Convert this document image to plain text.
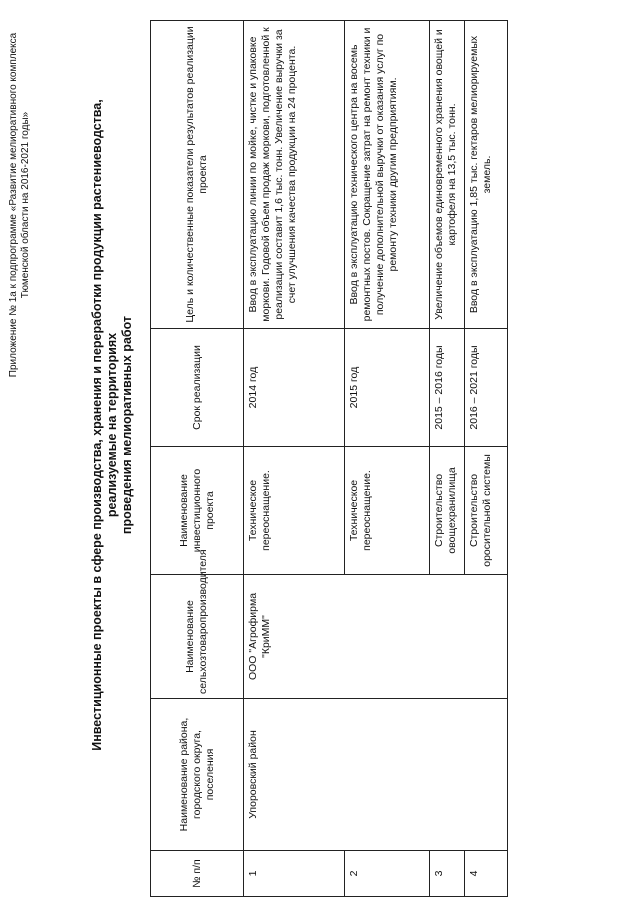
Приложение № 1а к подпрограмме «Развитие мелиоративного комплекса Тюменской области на 2016-2021 годы»	Инвестиционные проекты в сфере производства, хранения и переработки продукции растениеводства, реализуемые на территориях проведения мелиоративных работ
№ п/п	Наименование района, городского округа, поселения	Наименование сельхозтоваропроизводителя	Наименование инвестиционного проекта	Срок реализации	Цель и количественные показатели результатов реализации проекта
1	Упоровский район	ООО "Агрофирма "КриММ"	Техническое перeоснащение.	2014 год	Ввод в эксплуатацию линии по мойке, чистке и упаковке моркови. Годовой объем продаж моркови, подготовленной к реализации составит 1,6 тыс. тонн. Увеличение выручки за счет улучшения качества продукции на 24 процента.
2			Техническое перeоснащение.	2015 год	Ввод в эксплуатацию технического центра на восемь ремонтных постов. Сокращение затрат на ремонт техники и получение дополнительной выручки от оказания услуг по ремонту техники другим предприятиям.
3			Строительство овощехранилища	2015 – 2016 годы	Увеличение объемов единовременного хранения овощей и картофеля на 13,5 тыс. тонн.
4			Строительство оросительной системы	2016 – 2021 годы	Ввод в эксплуатацию 1,85 тыс. гектаров мелиорируемых земель.
